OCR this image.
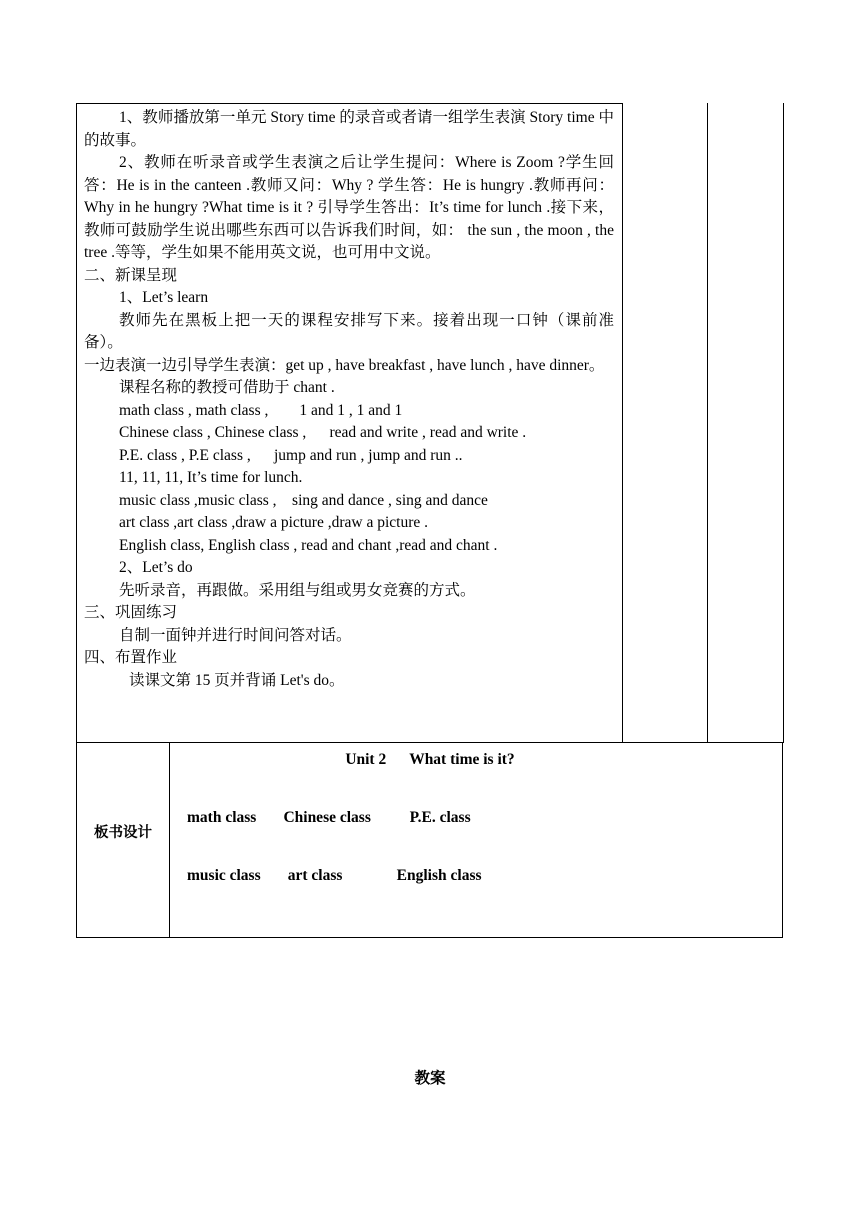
1、教师播放第一单元 Story time 的录音或者请一组学生表演 Story time 中的故事。

2、教师在听录音或学生表演之后让学生提问：Where is Zoom ?学生回答：He is in the canteen .教师又问：Why ? 学生答：He is hungry .教师再问： Why in he hungry ?What time is it ? 引导学生答出：It’s time for lunch .接下来，教师可鼓励学生说出哪些东西可以告诉我们时间，如： the sun , the moon , the tree .等等，学生如果不能用英文说，也可用中文说。

二、新课呈现

1、Let’s learn

教师先在黑板上把一天的课程安排写下来。接着出现一口钟（课前准备）。

一边表演一边引导学生表演：get up , have breakfast , have lunch , have dinner。

课程名称的教授可借助于 chant .

math class , math class ,        1 and 1 , 1 and 1

Chinese class , Chinese class ,      read and write , read and write .

P.E. class , P.E class ,      jump and run , jump and run ..

11, 11, 11, It’s time for lunch.

music class ,music class ,    sing and dance , sing and dance

art class ,art class ,draw a picture ,draw a picture .

English class, English class , read and chant ,read and chant .

2、Let’s do

先听录音，再跟做。采用组与组或男女竞赛的方式。

三、巩固练习

自制一面钟并进行时间问答对话。

四、布置作业

读课文第 15 页并背诵 Let's do。

板书设计
Unit 2      What time is it?
math class       Chinese class          P.E. class
music class       art class              English class
教案
